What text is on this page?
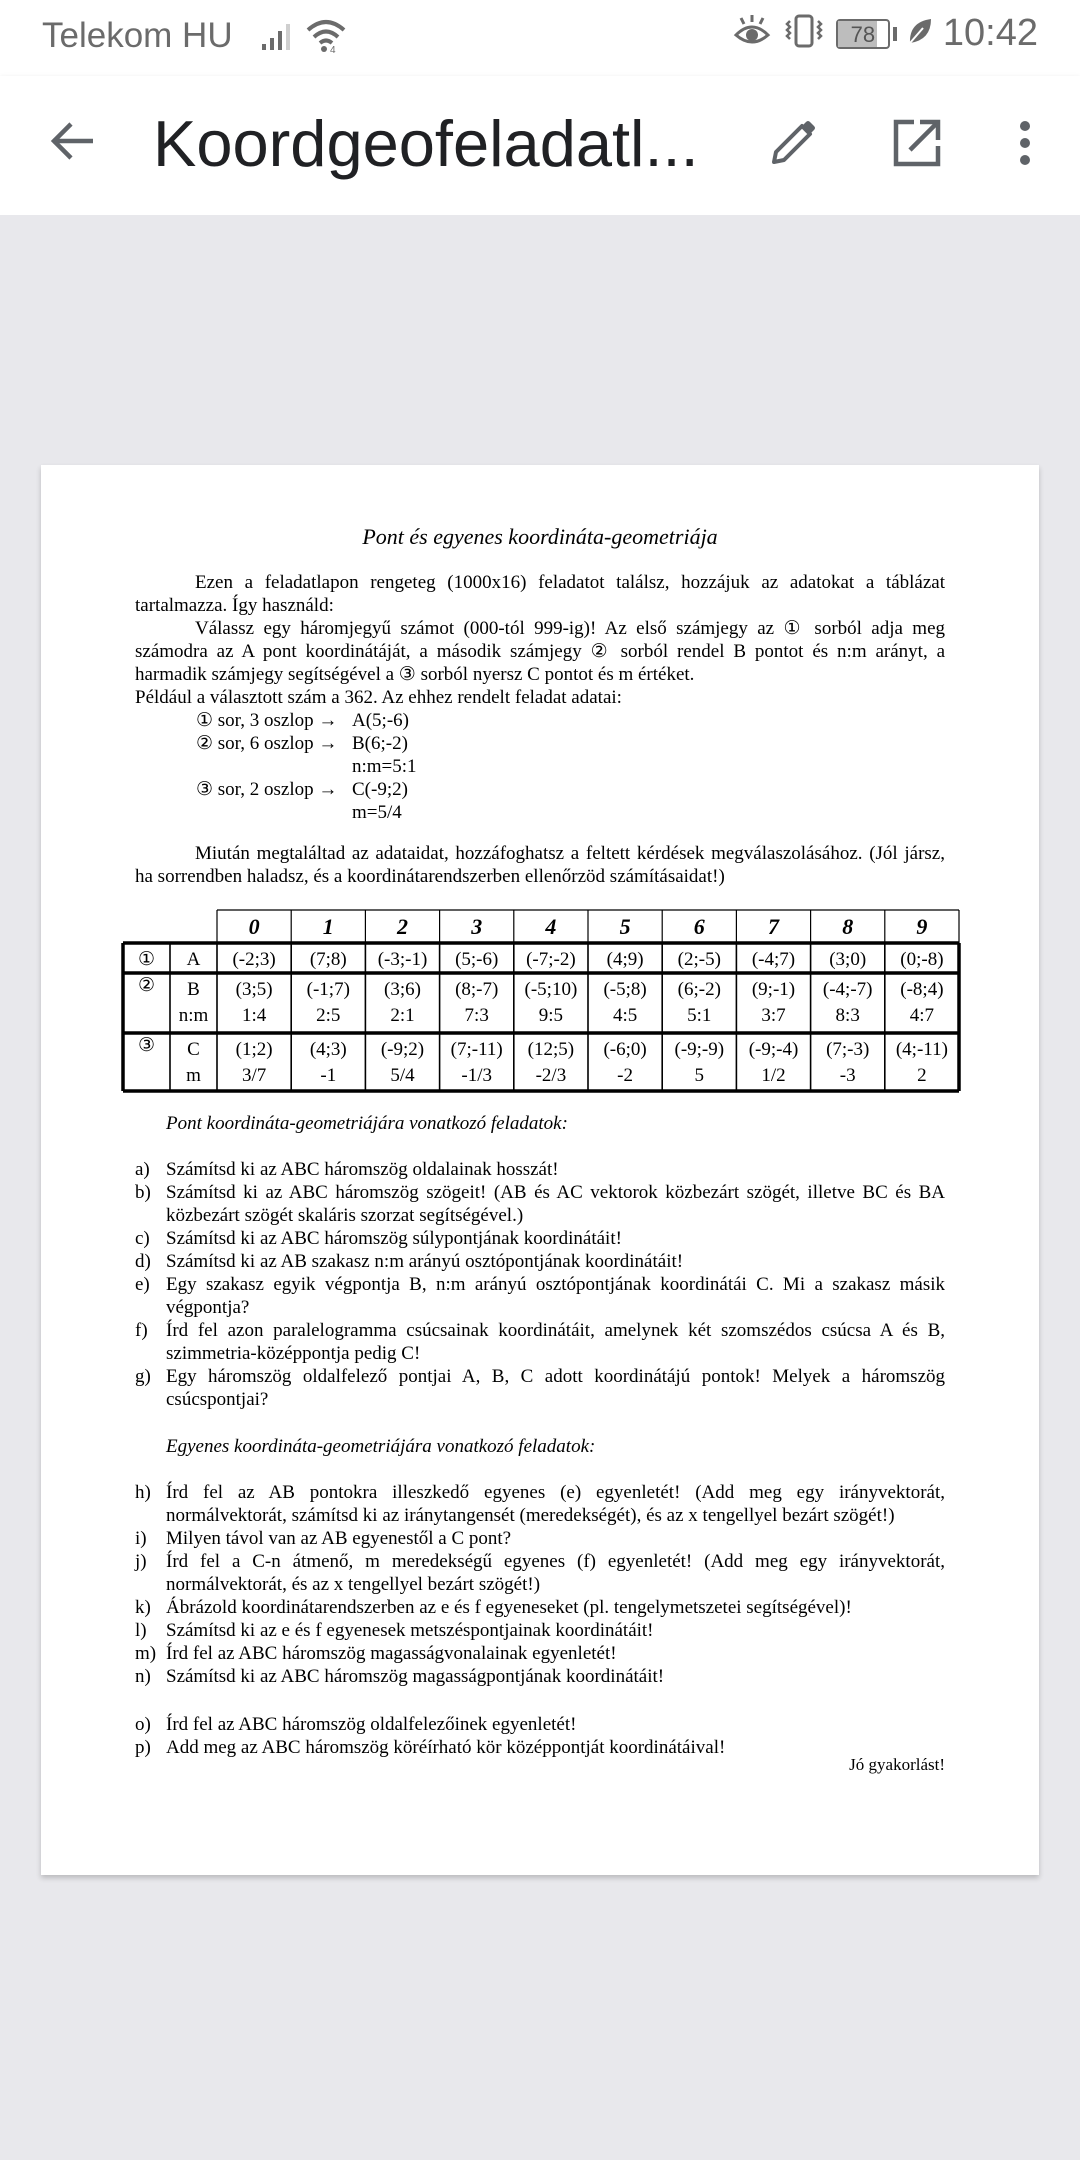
Telekom HU	4
78	10:42
Koordgeofeladatl...
Pont és egyenes koordináta-geometriája
Ezen a feladatlapon rengeteg (1000x16) feladatot találsz, hozzájuk az adatokat a táblázat tartalmazza. Így használd:
Válassz egy háromjegyű számot (000-tól 999-ig)! Az első számjegy az ① sorból adja meg számodra az A pont koordinátáját, a második számjegy ② sorból rendel B pontot és n:m arányt, a harmadik számjegy segítségével a ③ sorból nyersz C pontot és m értéket.
Például a választott szám a 362. Az ehhez rendelt feladat adatai:
① sor, 3 oszlop → A(5;-6)
② sor, 6 oszlop → B(6;-2)
n:m=5:1
③ sor, 2 oszlop → C(-9;2)
m=5/4
Miután megtaláltad az adataidat, hozzáfoghatsz a feltett kérdések megválaszolásához. (Jól jársz, ha sorrendben haladsz, és a koordinátarendszerben ellenőrzöd számításaidat!)
0	1	2	3	4	5	6	7	8	9
① A (-2;3) (7;8) (-3;-1) (5;-6) (-7;-2) (4;9) (2;-5) (-4;7) (3;0) (0;-8)
② B (3;5) (-1;7) (3;6) (8;-7) (-5;10) (-5;8) (6;-2) (9;-1) (-4;-7) (-8;4)
n:m 1:4	2:5	2:1	7:3	9:5	4:5	5:1	3:7	8:3	4:7
③ C (1;2) (4;3) (-9;2) (7;-11) (12;5) (-6;0) (-9;-9) (-9;-4) (7;-3) (4;-11)
m 3/7	-1	5/4 -1/3 -2/3	-2	5	1/2	-3	2
Pont koordináta-geometriájára vonatkozó feladatok:
a) Számítsd ki az ABC háromszög oldalainak hosszát!
b) Számítsd ki az ABC háromszög szögeit! (AB és AC vektorok közbezárt szögét, illetve BC és BA közbezárt szögét skaláris szorzat segítségével.)
c) Számítsd ki az ABC háromszög súlypontjának koordinátáit!
d) Számítsd ki az AB szakasz n:m arányú osztópontjának koordinátáit!
e) Egy szakasz egyik végpontja B, n:m arányú osztópontjának koordinátái C. Mi a szakasz másik végpontja?
f) Írd fel azon paralelogramma csúcsainak koordinátáit, amelynek két szomszédos csúcsa A és B, szimmetria-középpontja pedig C!
g) Egy háromszög oldalfelező pontjai A, B, C adott koordinátájú pontok! Melyek a háromszög csúcspontjai?
Egyenes koordináta-geometriájára vonatkozó feladatok:
h) Írd fel az AB pontokra illeszkedő egyenes (e) egyenletét! (Add meg egy irányvektorát, normálvektorát, számítsd ki az iránytangensét (meredekségét), és az x tengellyel bezárt szögét!)
i)	Milyen távol van az AB egyenestől a C pont?
j)	Írd fel a C-n átmenő, m meredekségű egyenes (f) egyenletét! (Add meg egy irányvektorát, normálvektorát, és az x tengellyel bezárt szögét!)
k) Ábrázold koordinátarendszerben az e és f egyeneseket (pl. tengelymetszetei segítségével)!
l)	Számítsd ki az e és f egyenesek metszéspontjainak koordinátáit!
m) Írd fel az ABC háromszög magasságvonalainak egyenletét!
n) Számítsd ki az ABC háromszög magasságpontjának koordinátáit!
o) Írd fel az ABC háromszög oldalfelezőinek egyenletét!
p) Add meg az ABC háromszög köréírható kör középpontját koordinátáival!
Jó gyakorlást!
